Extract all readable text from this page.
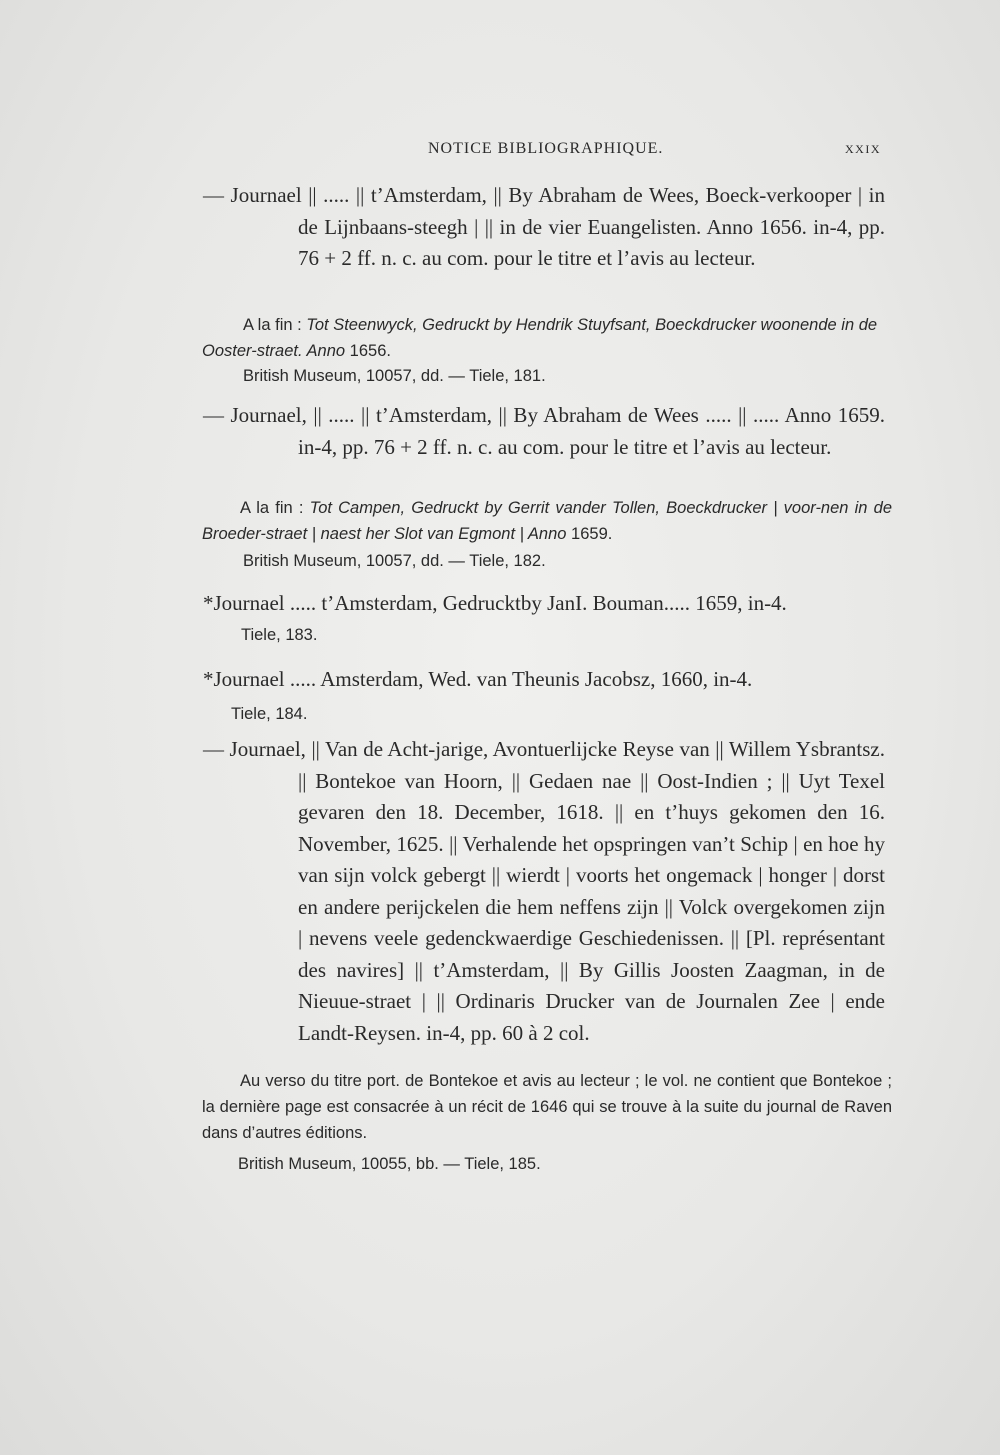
NOTICE BIBLIOGRAPHIQUE.	XXIX

— Journael || ..... || t’Amsterdam, || By Abraham de Wees, Boeck-verkooper | in de Lijnbaans-steegh | || in de vier Euangelisten. Anno 1656. in-4, pp. 76 + 2 ff. n. c. au com. pour le titre et l’avis au lecteur.

A la fin : Tot Steenwyck, Gedruckt by Hendrik Stuyfsant, Boeckdrucker woonende in de Ooster-straet. Anno 1656.

British Museum, 10057, dd. — Tiele, 181.

— Journael, || ..... || t’Amsterdam, || By Abraham de Wees ..... || ..... Anno 1659. in-4, pp. 76 + 2 ff. n. c. au com. pour le titre et l’avis au lecteur.

A la fin : Tot Campen, Gedruckt by Gerrit vander Tollen, Boeckdrucker | voor-nen in de Broeder-straet | naest her Slot van Egmont | Anno 1659.

British Museum, 10057, dd. — Tiele, 182.

*Journael ..... t’Amsterdam, Gedrucktby JanI. Bouman..... 1659, in-4.

Tiele, 183.

*Journael ..... Amsterdam, Wed. van Theunis Jacobsz, 1660, in-4.

Tiele, 184.

— Journael, || Van de Acht-jarige, Avontuerlijcke Reyse van || Willem Ysbrantsz. || Bontekoe van Hoorn, || Gedaen nae || Oost-Indien ; || Uyt Texel gevaren den 18. December, 1618. || en t’huys gekomen den 16. November, 1625. || Verhalende het opspringen van’t Schip | en hoe hy van sijn volck gebergt || wierdt | voorts het ongemack | honger | dorst en andere perijckelen die hem neffens zijn || Volck overgekomen zijn | nevens veele gedenckwaerdige Geschiedenissen. || [Pl. représentant des navires] || t’Amsterdam, || By Gillis Joosten Zaagman, in de Nieuue-straet | || Ordinaris Drucker van de Journalen Zee | ende Landt-Reysen. in-4, pp. 60 à 2 col.

Au verso du titre port. de Bontekoe et avis au lecteur ; le vol. ne contient que Bontekoe ; la dernière page est consacrée à un récit de 1646 qui se trouve à la suite du journal de Raven dans d’autres éditions.

British Museum, 10055, bb. — Tiele, 185.
